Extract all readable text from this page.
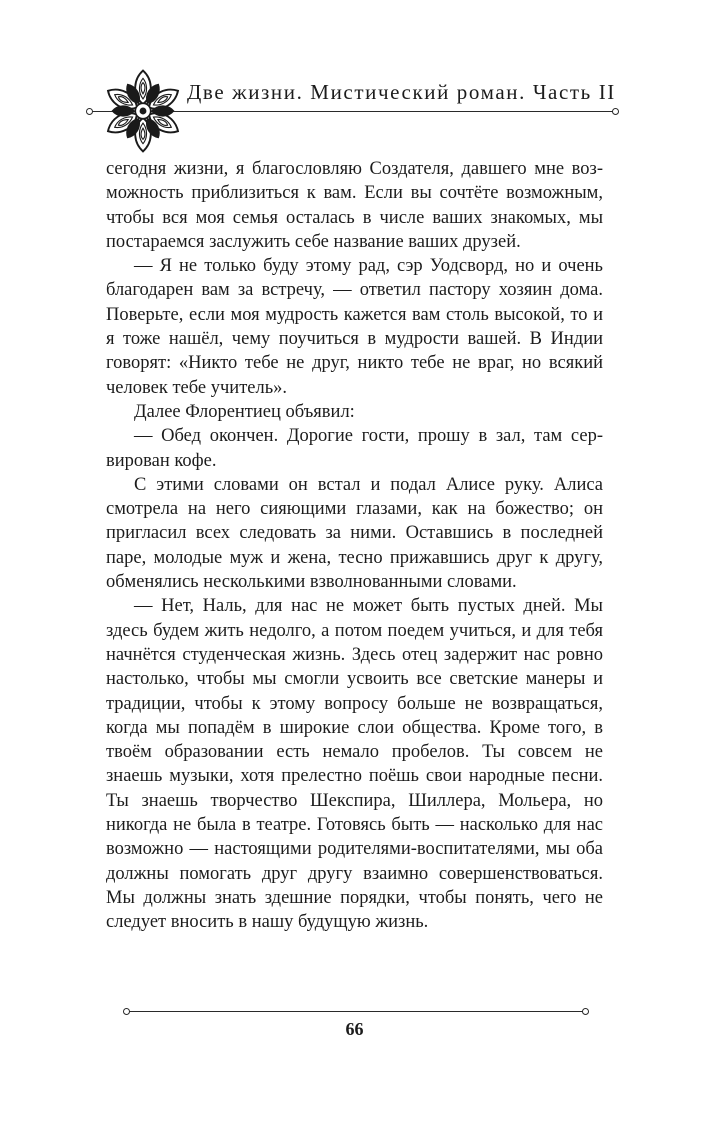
Две жизни. Мистический роман. Часть II

сегодня жизни, я благословляю Создателя, давшего мне возможность приблизиться к вам. Если вы сочтёте возможным, чтобы вся моя семья осталась в числе ваших знакомых, мы постараемся заслужить себе название ваших друзей.

— Я не только буду этому рад, сэр Уодсворд, но и очень благодарен вам за встречу, — ответил пастору хозяин дома. Поверьте, если моя мудрость кажется вам столь высокой, то и я тоже нашёл, чему поучиться в мудрости вашей. В Индии говорят: «Никто тебе не друг, никто тебе не враг, но всякий человек тебе учитель».

Далее Флорентиец объявил:

— Обед окончен. Дорогие гости, прошу в зал, там сервирован кофе.

С этими словами он встал и подал Алисе руку. Алиса смотрела на него сияющими глазами, как на божество; он пригласил всех следовать за ними. Оставшись в последней паре, молодые муж и жена, тесно прижавшись друг к другу, обменялись несколькими взволнованными словами.

— Нет, Наль, для нас не может быть пустых дней. Мы здесь будем жить недолго, а потом поедем учиться, и для тебя начнётся студенческая жизнь. Здесь отец задержит нас ровно настолько, чтобы мы смогли усвоить все светские манеры и традиции, чтобы к этому вопросу больше не возвращаться, когда мы попадём в широкие слои общества. Кроме того, в твоём образовании есть немало пробелов. Ты совсем не знаешь музыки, хотя прелестно поёшь свои народные песни. Ты знаешь творчество Шекспира, Шиллера, Мольера, но никогда не была в театре. Готовясь быть — насколько для нас возможно — настоящими родителями-воспитателями, мы оба должны помогать друг другу взаимно совершенствоваться. Мы должны знать здешние порядки, чтобы понять, чего не следует вносить в нашу будущую жизнь.

66
